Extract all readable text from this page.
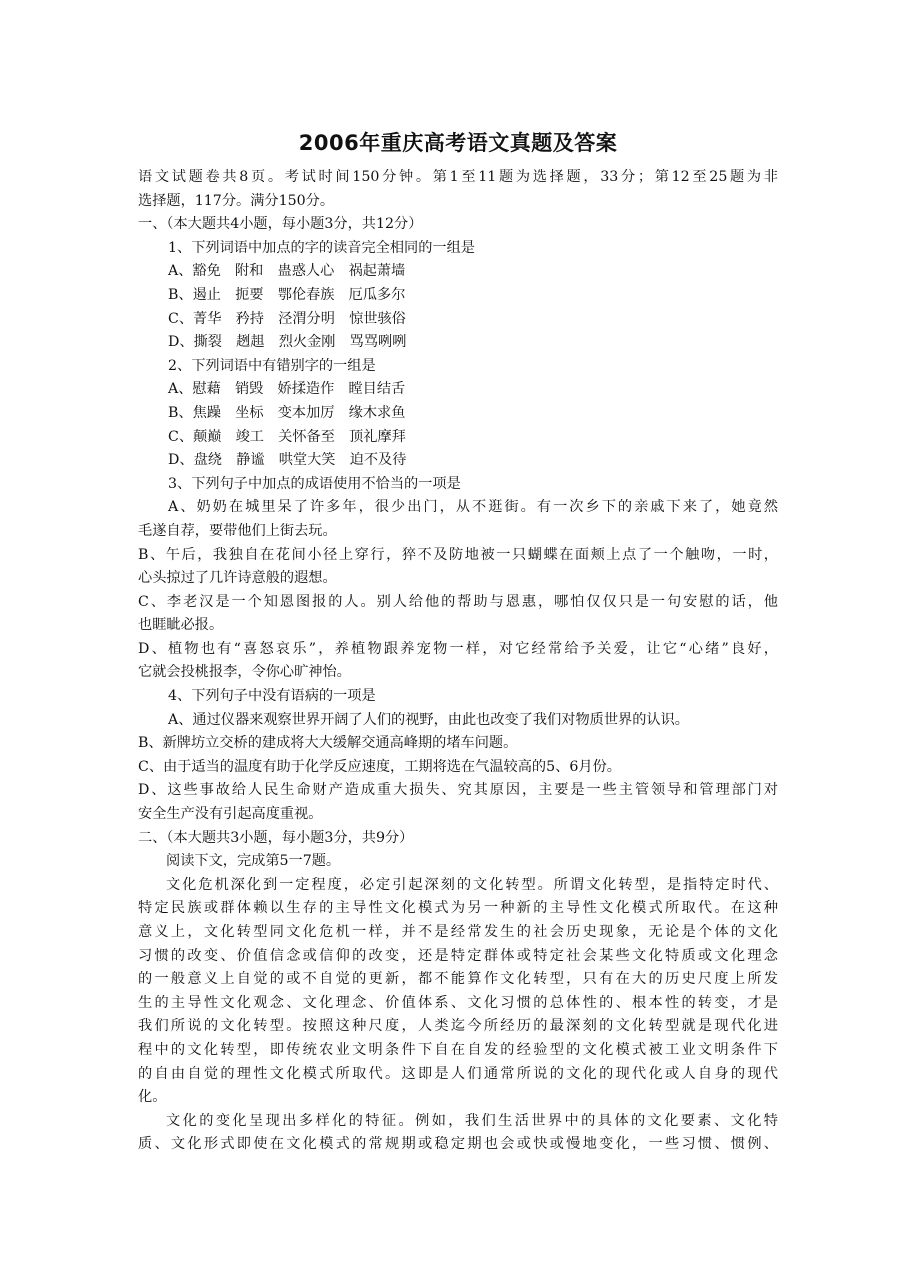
2006年重庆高考语文真题及答案
语文试题卷共8页。考试时间150分钟。第1至11题为选择题，33分；第12至25题为非
选择题，117分。满分150分。
一、（本大题共4小题，每小题3分，共12分）
1、下列词语中加点的字的读音完全相同的一组是
A、豁免　附和　蛊惑人心　祸起萧墙
B、遏止　扼要　鄂伦春族　厄瓜多尔
C、菁华　矜持　泾渭分明　惊世骇俗
D、撕裂　趔趄　烈火金刚　骂骂咧咧
2、下列词语中有错别字的一组是
A、慰藉　销毁　娇揉造作　瞠目结舌
B、焦躁　坐标　变本加厉　缘木求鱼
C、颠巅　竣工　关怀备至　顶礼摩拜
D、盘绕　静谧　哄堂大笑　迫不及待
3、下列句子中加点的成语使用不恰当的一项是
A、奶奶在城里呆了许多年，很少出门，从不逛街。有一次乡下的亲戚下来了，她竟然
毛遂自荐，要带他们上街去玩。
B、午后，我独自在花间小径上穿行，猝不及防地被一只蝴蝶在面颊上点了一个触吻，一时，
心头掠过了几许诗意般的遐想。
C、李老汉是一个知恩图报的人。别人给他的帮助与恩惠，哪怕仅仅只是一句安慰的话，他
也睚眦必报。
D、植物也有“喜怒哀乐”，养植物跟养宠物一样，对它经常给予关爱，让它“心绪”良好，
它就会投桃报李，令你心旷神怡。
4、下列句子中没有语病的一项是
A、通过仪器来观察世界开阔了人们的视野，由此也改变了我们对物质世界的认识。
B、新牌坊立交桥的建成将大大缓解交通高峰期的堵车问题。
C、由于适当的温度有助于化学反应速度，工期将选在气温较高的5、6月份。
D、这些事故给人民生命财产造成重大损失、究其原因，主要是一些主管领导和管理部门对
安全生产没有引起高度重视。
二、（本大题共3小题，每小题3分，共9分）
阅读下文，完成第5一7题。
文化危机深化到一定程度，必定引起深刻的文化转型。所谓文化转型，是指特定时代、
特定民族或群体赖以生存的主导性文化模式为另一种新的主导性文化模式所取代。在这种
意义上，文化转型同文化危机一样，并不是经常发生的社会历史现象，无论是个体的文化
习惯的改变、价值信念或信仰的改变，还是特定群体或特定社会某些文化特质或文化理念
的一般意义上自觉的或不自觉的更新，都不能算作文化转型，只有在大的历史尺度上所发
生的主导性文化观念、文化理念、价值体系、文化习惯的总体性的、根本性的转变，才是
我们所说的文化转型。按照这种尺度，人类迄今所经历的最深刻的文化转型就是现代化进
程中的文化转型，即传统农业文明条件下自在自发的经验型的文化模式被工业文明条件下
的自由自觉的理性文化模式所取代。这即是人们通常所说的文化的现代化或人自身的现代
化。
文化的变化呈现出多样化的特征。例如，我们生活世界中的具体的文化要素、文化特
质、文化形式即使在文化模式的常规期或稳定期也会或快或慢地变化，一些习惯、惯例、
